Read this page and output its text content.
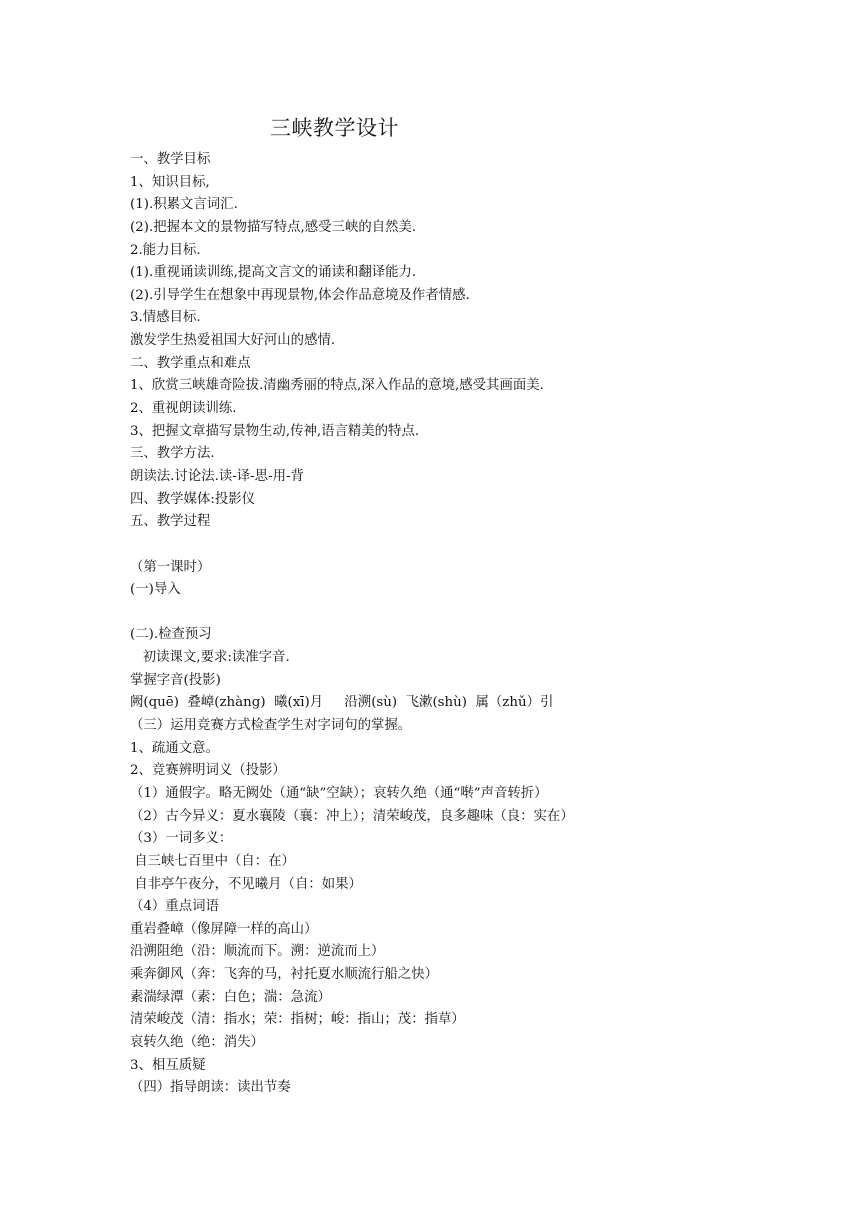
三峡教学设计
一、教学目标
1、知识目标,
(1).积累文言词汇.
(2).把握本文的景物描写特点,感受三峡的自然美.
2.能力目标.
(1).重视诵读训练,提高文言文的诵读和翻译能力.
(2).引导学生在想象中再现景物,体会作品意境及作者情感.
3.情感目标.
激发学生热爱祖国大好河山的感情.
二、教学重点和难点
1、欣赏三峡雄奇险拔.清幽秀丽的特点,深入作品的意境,感受其画面美.
2、重视朗读训练.
3、把握文章描写景物生动,传神,语言精美的特点.
三、教学方法.
朗读法.讨论法.读-译-思-用-背
四、教学媒体:投影仪
五、教学过程
（第一课时）
(一)导入
(二).检查预习
初读课文,要求:读准字音.
掌握字音(投影)
阙(quē)  叠嶂(zhàng)  曦(xī)月     沿溯(sù)  飞漱(shù)  属（zhǔ）引
（三）运用竞赛方式检查学生对字词句的掌握。
1、疏通文意。
2、竞赛辨明词义（投影）
（1）通假字。略无阙处（通“缺”空缺）；哀转久绝（通“啭”声音转折）
（2）古今异义：夏水襄陵（襄：冲上）；清荣峻茂，良多趣味（良：实在）
（3）一词多义：
自三峡七百里中（自：在）
自非亭午夜分，不见曦月（自：如果）
（4）重点词语
重岩叠嶂（像屏障一样的高山）
沿溯阻绝（沿：顺流而下。溯：逆流而上）
乘奔御风（奔：飞奔的马，衬托夏水顺流行船之快）
素湍绿潭（素：白色；湍：急流）
清荣峻茂（清：指水；荣：指树；峻：指山；茂：指草）
哀转久绝（绝：消失）
3、相互质疑
（四）指导朗读：读出节奏
